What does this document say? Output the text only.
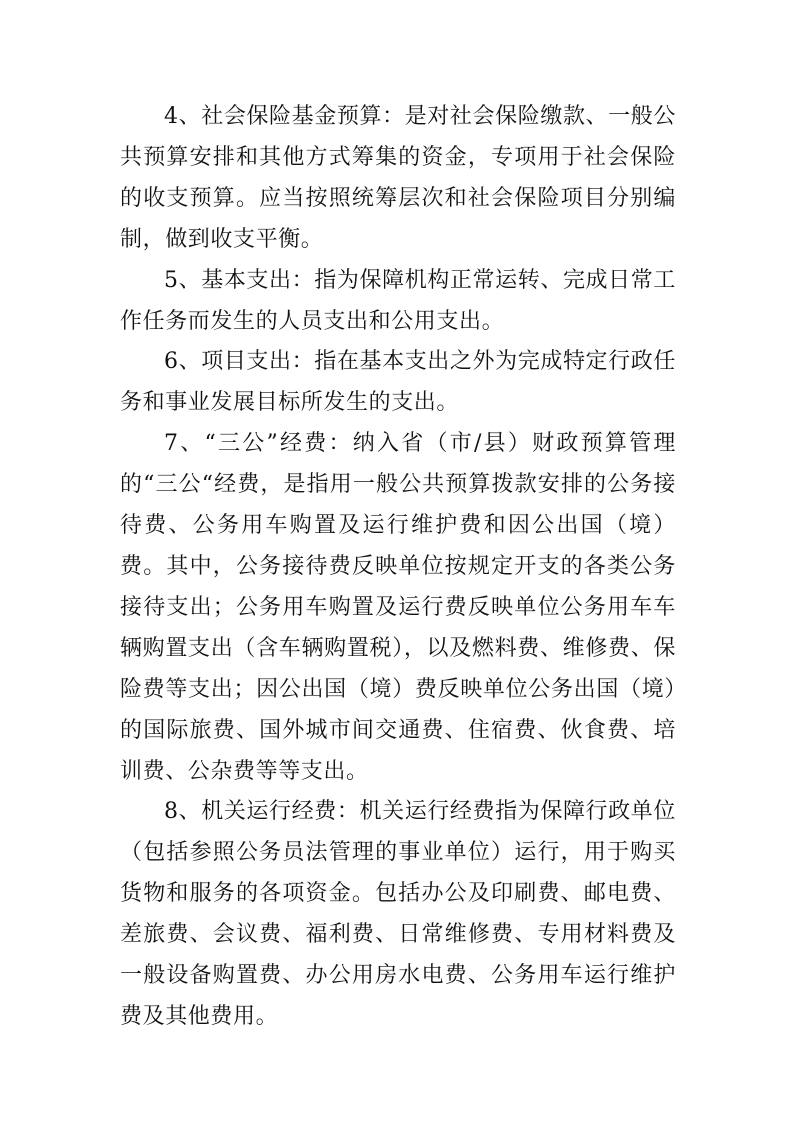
4、社会保险基金预算：是对社会保险缴款、一般公共预算安排和其他方式筹集的资金，专项用于社会保险的收支预算。应当按照统筹层次和社会保险项目分别编制，做到收支平衡。

5、基本支出：指为保障机构正常运转、完成日常工作任务而发生的人员支出和公用支出。

6、项目支出：指在基本支出之外为完成特定行政任务和事业发展目标所发生的支出。

7、“三公”经费：纳入省（市/县）财政预算管理的“三公“经费，是指用一般公共预算拨款安排的公务接待费、公务用车购置及运行维护费和因公出国（境）费。其中，公务接待费反映单位按规定开支的各类公务接待支出；公务用车购置及运行费反映单位公务用车车辆购置支出（含车辆购置税），以及燃料费、维修费、保险费等支出；因公出国（境）费反映单位公务出国（境）的国际旅费、国外城市间交通费、住宿费、伙食费、培训费、公杂费等等支出。

8、机关运行经费：机关运行经费指为保障行政单位（包括参照公务员法管理的事业单位）运行，用于购买货物和服务的各项资金。包括办公及印刷费、邮电费、差旅费、会议费、福利费、日常维修费、专用材料费及一般设备购置费、办公用房水电费、公务用车运行维护费及其他费用。
